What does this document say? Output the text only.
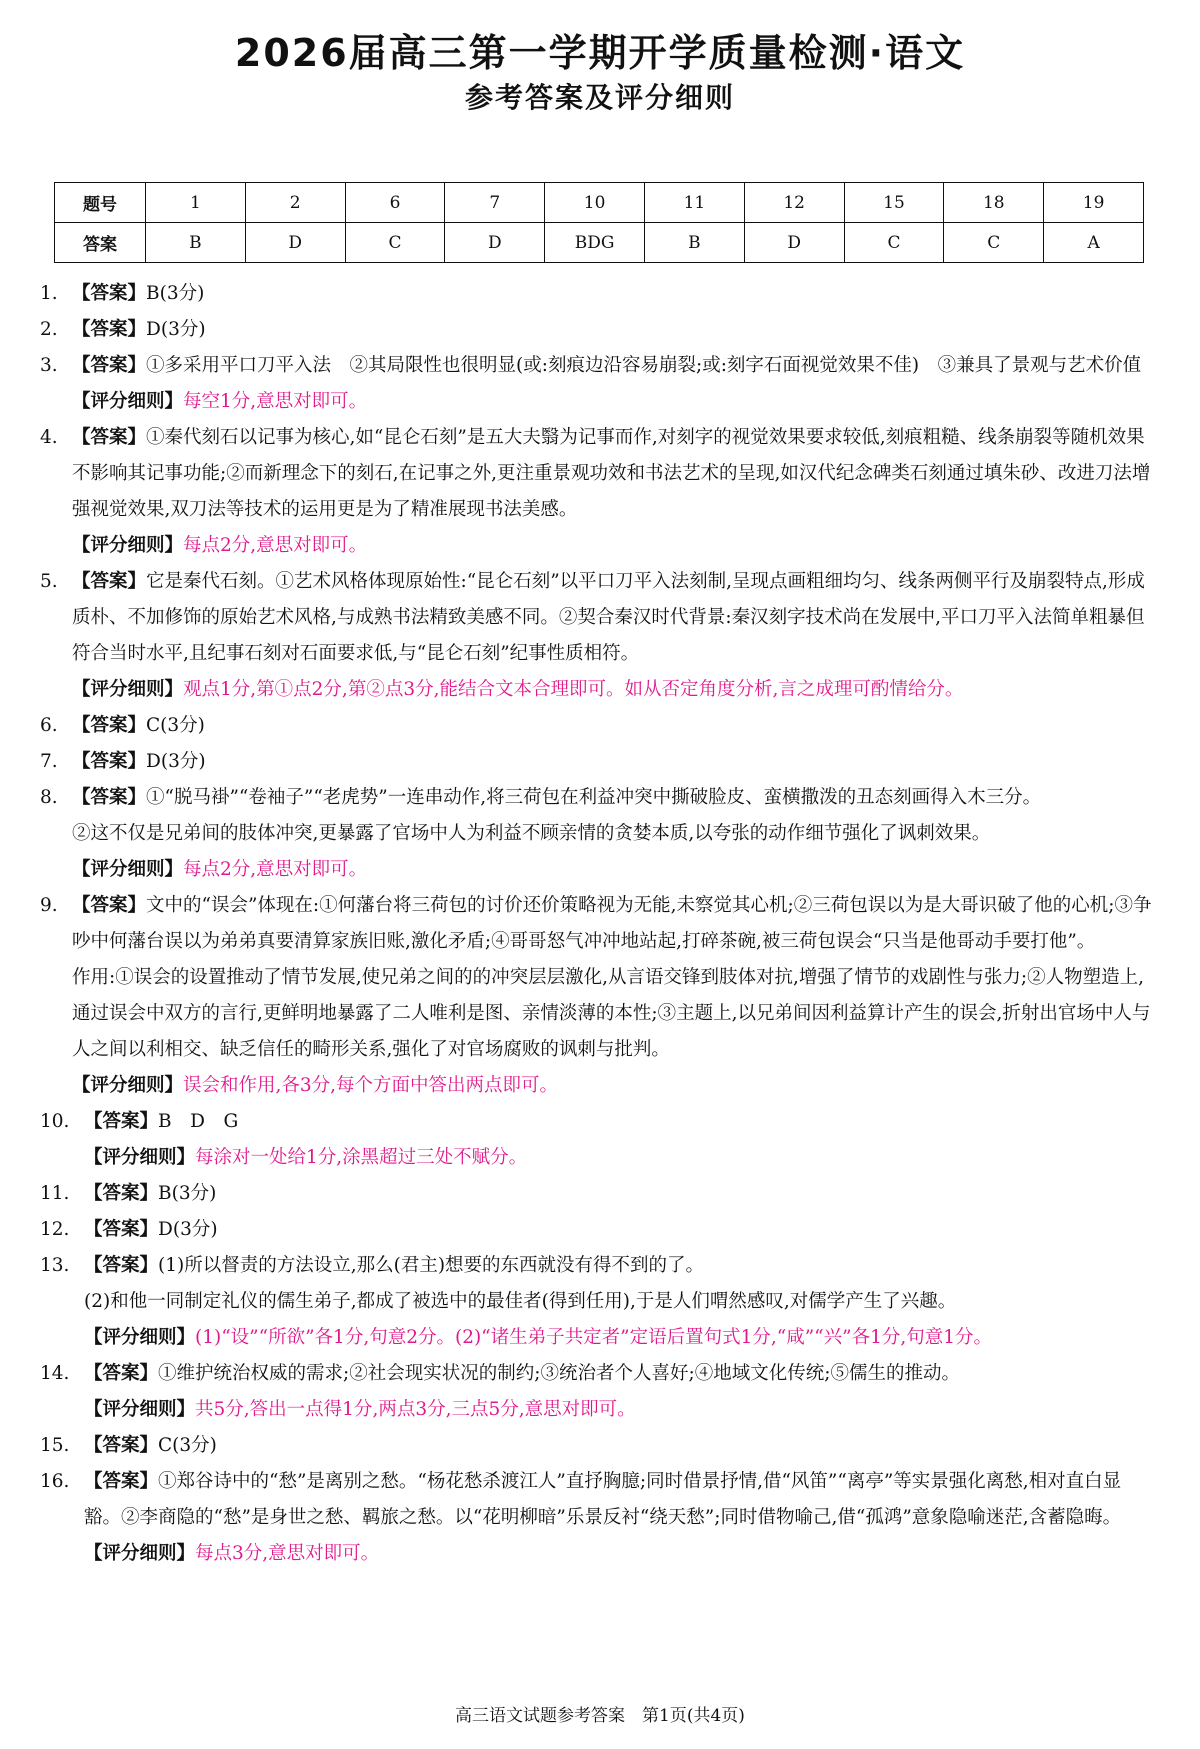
2026届高三第一学期开学质量检测·语文
参考答案及评分细则
题号	1	2	6	7	10	11	12	15	18	19
答案	B	D	C	D	BDG	B	D	C	C	A
1. 【答案】B(3分)
2. 【答案】D(3分)
3. 【答案】①多采用平口刀平入法　②其局限性也很明显(或:刻痕边沿容易崩裂;或:刻字石面视觉效果不佳)　③兼具了景观与艺术价值
【评分细则】每空1分,意思对即可。
4. 【答案】①秦代刻石以记事为核心,如“昆仑石刻”是五大夫翳为记事而作,对刻字的视觉效果要求较低,刻痕粗糙、线条崩裂等随机效果不影响其记事功能;②而新理念下的刻石,在记事之外,更注重景观功效和书法艺术的呈现,如汉代纪念碑类石刻通过填朱砂、改进刀法增强视觉效果,双刀法等技术的运用更是为了精准展现书法美感。
【评分细则】每点2分,意思对即可。
5. 【答案】它是秦代石刻。①艺术风格体现原始性:“昆仑石刻”以平口刀平入法刻制,呈现点画粗细均匀、线条两侧平行及崩裂特点,形成质朴、不加修饰的原始艺术风格,与成熟书法精致美感不同。②契合秦汉时代背景:秦汉刻字技术尚在发展中,平口刀平入法简单粗暴但符合当时水平,且纪事石刻对石面要求低,与“昆仑石刻”纪事性质相符。
【评分细则】观点1分,第①点2分,第②点3分,能结合文本合理即可。如从否定角度分析,言之成理可酌情给分。
6. 【答案】C(3分)
7. 【答案】D(3分)
8. 【答案】①“脱马褂”“卷袖子”“老虎势”一连串动作,将三荷包在利益冲突中撕破脸皮、蛮横撒泼的丑态刻画得入木三分。
②这不仅是兄弟间的肢体冲突,更暴露了官场中人为利益不顾亲情的贪婪本质,以夸张的动作细节强化了讽刺效果。
【评分细则】每点2分,意思对即可。
9. 【答案】文中的“误会”体现在:①何藩台将三荷包的讨价还价策略视为无能,未察觉其心机;②三荷包误以为是大哥识破了他的心机;③争吵中何藩台误以为弟弟真要清算家族旧账,激化矛盾;④哥哥怒气冲冲地站起,打碎茶碗,被三荷包误会“只当是他哥动手要打他”。
作用:①误会的设置推动了情节发展,使兄弟之间的的冲突层层激化,从言语交锋到肢体对抗,增强了情节的戏剧性与张力;②人物塑造上,通过误会中双方的言行,更鲜明地暴露了二人唯利是图、亲情淡薄的本性;③主题上,以兄弟间因利益算计产生的误会,折射出官场中人与人之间以利相交、缺乏信任的畸形关系,强化了对官场腐败的讽刺与批判。
【评分细则】误会和作用,各3分,每个方面中答出两点即可。
10. 【答案】B　D　G
【评分细则】每涂对一处给1分,涂黑超过三处不赋分。
11. 【答案】B(3分)
12. 【答案】D(3分)
13. 【答案】(1)所以督责的方法设立,那么(君主)想要的东西就没有得不到的了。
(2)和他一同制定礼仪的儒生弟子,都成了被选中的最佳者(得到任用),于是人们喟然感叹,对儒学产生了兴趣。
【评分细则】(1)“设”“所欲”各1分,句意2分。(2)“诸生弟子共定者”定语后置句式1分,“咸”“兴”各1分,句意1分。
14. 【答案】①维护统治权威的需求;②社会现实状况的制约;③统治者个人喜好;④地域文化传统;⑤儒生的推动。
【评分细则】共5分,答出一点得1分,两点3分,三点5分,意思对即可。
15. 【答案】C(3分)
16. 【答案】①郑谷诗中的“愁”是离别之愁。“杨花愁杀渡江人”直抒胸臆;同时借景抒情,借“风笛”“离亭”等实景强化离愁,相对直白显豁。②李商隐的“愁”是身世之愁、羁旅之愁。以“花明柳暗”乐景反衬“绕天愁”;同时借物喻己,借“孤鸿”意象隐喻迷茫,含蓄隐晦。
【评分细则】每点3分,意思对即可。
高三语文试题参考答案　第1页(共4页)
